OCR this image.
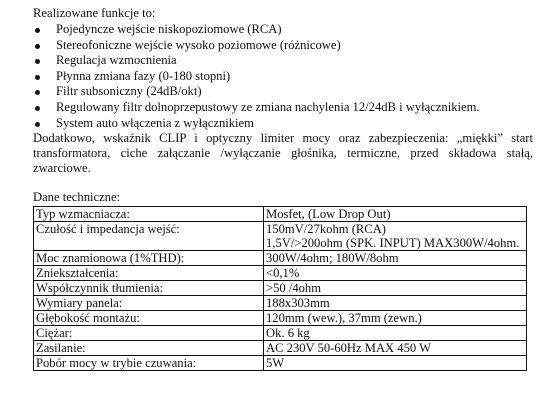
Realizowane funkcje to:

Pojedyncze wejście niskopoziomowe (RCA)
Stereofoniczne wejście wysoko poziomowe (różnicowe)
Regulacja wzmocnienia
Płynna zmiana fazy (0-180 stopni)
Filtr subsoniczny (24dB/okt)
Regulowany filtr dolnoprzepustowy ze zmiana nachylenia 12/24dB i wyłącznikiem.
System auto włączenia z wyłącznikiem

Dodatkowo, wskaźnik CLIP i optyczny limiter mocy oraz zabezpieczenia: „miękki” start transformatora, ciche załączanie /wyłączanie głośnika, termiczne, przed składowa stałą, zwarciowe.

Dane techniczne:

Typ wzmacniacza:	Mosfet, (Low Drop Out)
Czułość i impedancja wejść:	150mV/27kohm (RCA)
1,5V/>200ohm (SPK. INPUT) MAX300W/4ohm.

Moc znamionowa (1%THD):	300W/4ohm; 180W/8ohm
Zniekształcenia:	<0,1%
Współczynnik tłumienia:	>50 /4ohm
Wymiary panela:	188x303mm
Głębokość montażu:	120mm (wew.), 37mm (zewn.)
Ciężar:	Ok. 6 kg
Zasilanie:	AC 230V 50-60Hz MAX 450 W
Pobór mocy w trybie czuwania:	5W
